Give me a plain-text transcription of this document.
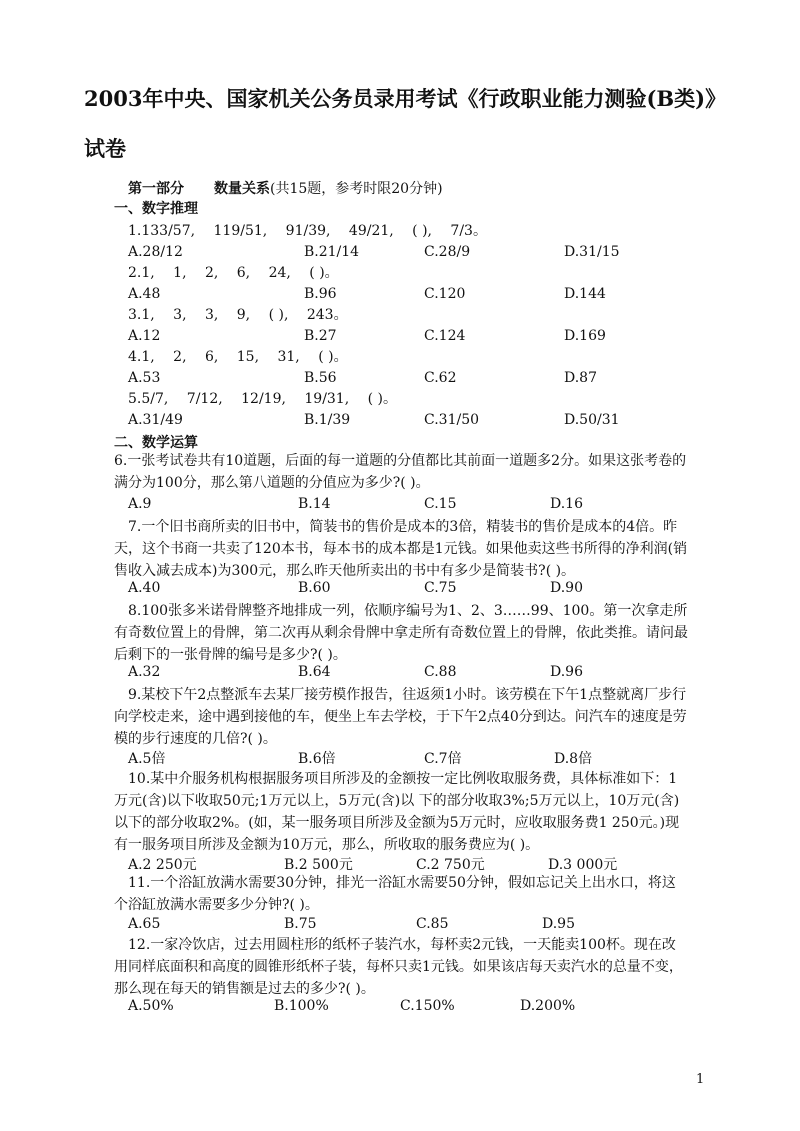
2003年中央、国家机关公务员录用考试《行政职业能力测验(B类)》试卷
第一部分 数量关系(共15题，参考时限20分钟)
一、数字推理
1.133/57,　 119/51,　 91/39,　 49/21,　 ( ),　 7/3。
A.28/12	B.21/14	C.28/9	D.31/15
2.1,　 1,　 2,　 6,　 24,　 ( )。
A.48	B.96	C.120	D.144
3.1,　 3,　 3,　 9,　 ( ),　 243。
A.12	B.27	C.124	D.169
4.1,　 2,　 6,　 15,　 31,　 ( )。
A.53	B.56	C.62	D.87
5.5/7,　 7/12,　 12/19,　 19/31,　 ( )。
A.31/49	B.1/39	C.31/50	D.50/31
二、数学运算
6.一张考试卷共有10道题，后面的每一道题的分值都比其前面一道题多2分。如果这张考卷的满分为100分，那么第八道题的分值应为多少?( )。
A.9	B.14	C.15	D.16
7.一个旧书商所卖的旧书中，简装书的售价是成本的3倍，精装书的售价是成本的4倍。昨天，这个书商一共卖了120本书，每本书的成本都是1元钱。如果他卖这些书所得的净利润(销售收入减去成本)为300元，那么昨天他所卖出的书中有多少是简装书?( )。
A.40	B.60	C.75	D.90
8.100张多米诺骨牌整齐地排成一列，依顺序编号为1、2、3……99、100。第一次拿走所有奇数位置上的骨牌，第二次再从剩余骨牌中拿走所有奇数位置上的骨牌，依此类推。请问最后剩下的一张骨牌的编号是多少?( )。
A.32	B.64	C.88	D.96
9.某校下午2点整派车去某厂接劳模作报告，往返须1小时。该劳模在下午1点整就离厂步行向学校走来，途中遇到接他的车，便坐上车去学校，于下午2点40分到达。问汽车的速度是劳模的步行速度的几倍?( )。
A.5倍	B.6倍	C.7倍	D.8倍
10.某中介服务机构根据服务项目所涉及的金额按一定比例收取服务费，具体标准如下：1万元(含)以下收取50元;1万元以上，5万元(含)以 下的部分收取3%;5万元以上，10万元(含)以下的部分收取2%。(如，某一服务项目所涉及金额为5万元时，应收取服务费1 250元。)现有一服务项目所涉及金额为10万元，那么，所收取的服务费应为( )。
A.2 250元	B.2 500元	C.2 750元	D.3 000元
11.一个浴缸放满水需要30分钟，排光一浴缸水需要50分钟，假如忘记关上出水口，将这个浴缸放满水需要多少分钟?( )。
A.65	B.75	C.85	D.95
12.一家冷饮店，过去用圆柱形的纸杯子装汽水，每杯卖2元钱，一天能卖100杯。现在改用同样底面积和高度的圆锥形纸杯子装，每杯只卖1元钱。如果该店每天卖汽水的总量不变，那么现在每天的销售额是过去的多少?( )。
A.50%	B.100%	C.150%	D.200%
1
